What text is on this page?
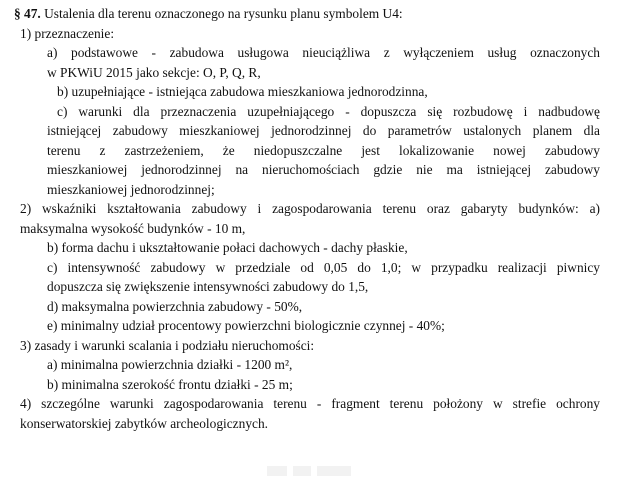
§ 47. Ustalenia dla terenu oznaczonego na rysunku planu symbolem U4:
1) przeznaczenie:
a) podstawowe - zabudowa usługowa nieuciążliwa z wyłączeniem usług oznaczonych
w PKWiU 2015 jako sekcje: O, P, Q, R,
b) uzupełniające - istniejąca zabudowa mieszkaniowa jednorodzinna,
c) warunki dla przeznaczenia uzupełniającego - dopuszcza się rozbudowę i nadbudowę
istniejącej zabudowy mieszkaniowej jednorodzinnej do parametrów ustalonych planem dla
terenu z zastrzeżeniem, że niedopuszczalne jest lokalizowanie nowej zabudowy
mieszkaniowej jednorodzinnej na nieruchomościach gdzie nie ma istniejącej zabudowy
mieszkaniowej jednorodzinnej;
2) wskaźniki kształtowania zabudowy i zagospodarowania terenu oraz gabaryty budynków: a)
maksymalna wysokość budynków - 10 m,
b) forma dachu i ukształtowanie połaci dachowych - dachy płaskie,
c) intensywność zabudowy w przedziale od 0,05 do 1,0; w przypadku realizacji piwnicy
dopuszcza się zwiększenie intensywności zabudowy do 1,5,
d) maksymalna powierzchnia zabudowy - 50%,
e) minimalny udział procentowy powierzchni biologicznie czynnej - 40%;
3) zasady i warunki scalania i podziału nieruchomości:
a) minimalna powierzchnia działki - 1200 m²,
b) minimalna szerokość frontu działki - 25 m;
4) szczególne warunki zagospodarowania terenu - fragment terenu położony w strefie ochrony
konserwatorskiej zabytków archeologicznych.
